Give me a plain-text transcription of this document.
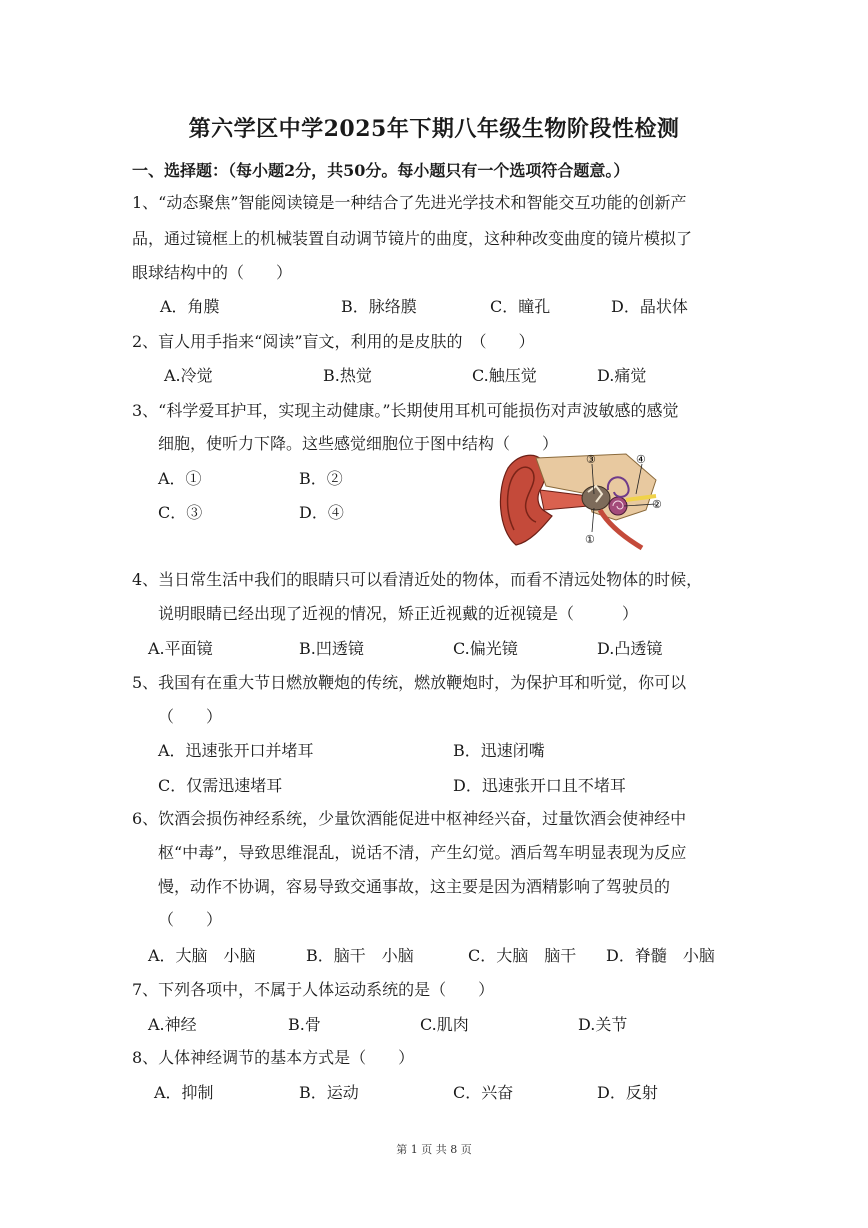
第六学区中学2025年下期八年级生物阶段性检测
一、选择题：（每小题2分，共50分。每小题只有一个选项符合题意。）
1、“动态聚焦”智能阅读镜是一种结合了先进光学技术和智能交互功能的创新产
品，通过镜框上的机械装置自动调节镜片的曲度，这种种改变曲度的镜片模拟了
眼球结构中的（　　）
A．角膜	B．脉络膜	C．瞳孔	D．晶状体
2、盲人用手指来“阅读”盲文，利用的是皮肤的　（　　）
A.冷觉	B.热觉	C.触压觉	D.痛觉
3、“科学爱耳护耳，实现主动健康。”长期使用耳机可能损伤对声波敏感的感觉
细胞，使听力下降。这些感觉细胞位于图中结构（　　）
A．①	B．②
C．③	D．④
③	④
②
①
4、当日常生活中我们的眼睛只可以看清近处的物体，而看不清远处物体的时候，
说明眼睛已经出现了近视的情况，矫正近视戴的近视镜是（　　　）
A.平面镜	B.凹透镜	C.偏光镜	D.凸透镜
5、我国有在重大节日燃放鞭炮的传统，燃放鞭炮时，为保护耳和听觉，你可以
（　　）
A．迅速张开口并堵耳	B．迅速闭嘴
C．仅需迅速堵耳	D．迅速张开口且不堵耳
6、饮酒会损伤神经系统，少量饮酒能促进中枢神经兴奋，过量饮酒会使神经中
枢“中毒”，导致思维混乱，说话不清，产生幻觉。酒后驾车明显表现为反应
慢，动作不协调，容易导致交通事故，这主要是因为酒精影响了驾驶员的
（　　）
A．大脑　小脑	B．脑干　小脑	C．大脑　脑干 D．脊髓　小脑
7、下列各项中，不属于人体运动系统的是（　　）
A.神经	B.骨	C.肌肉	D.关节
8、人体神经调节的基本方式是（　　）
A．抑制	B．运动	C．兴奋	D．反射
第 1 页 共 8 页
